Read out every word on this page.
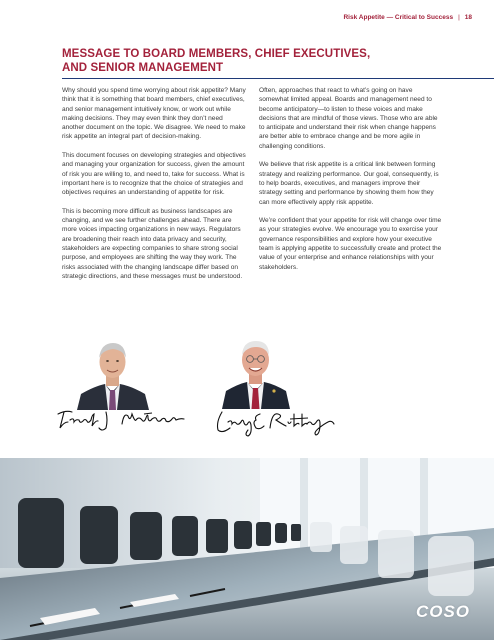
Risk Appetite — Critical to Success | 18
MESSAGE TO BOARD MEMBERS, CHIEF EXECUTIVES,
AND SENIOR MANAGEMENT

Why should you spend time worrying about risk appetite? Many think that it is something that board members, chief executives, and senior management intuitively know, or work out while making decisions. They may even think they don’t need another document on the topic. We disagree. We need to make risk appetite an integral part of decision-making.

This document focuses on developing strategies and objectives and managing your organization for success, given the amount of risk you are willing to, and need to, take for success. What is important here is to recognize that the choice of strategies and objectives requires an understanding of appetite for risk.

This is becoming more difficult as business landscapes are changing, and we see further challenges ahead. There are more voices impacting organizations in new ways. Regulators are broadening their reach into data privacy and security, stakeholders are expecting companies to share strong social purpose, and employees are shifting the way they work. The risks associated with the changing landscape differ based on strategic directions, and these messages must be understood.

Often, approaches that react to what’s going on have somewhat limited appeal. Boards and management need to become anticipatory—to listen to these voices and make decisions that are mindful of those views. Those who are able to anticipate and understand their risk when change happens are better able to embrace change and be more agile in challenging conditions.

We believe that risk appetite is a critical link between forming strategy and realizing performance. Our goal, consequently, is to help boards, executives, and managers improve their strategy setting and performance by showing them how they can more effectively apply risk appetite.

We’re confident that your appetite for risk will change over time as your strategies evolve. We encourage you to exercise your governance responsibilities and explore how your executive team is applying appetite to successfully create and protect the value of your enterprise and enhance relationships with your stakeholders.

COSO
